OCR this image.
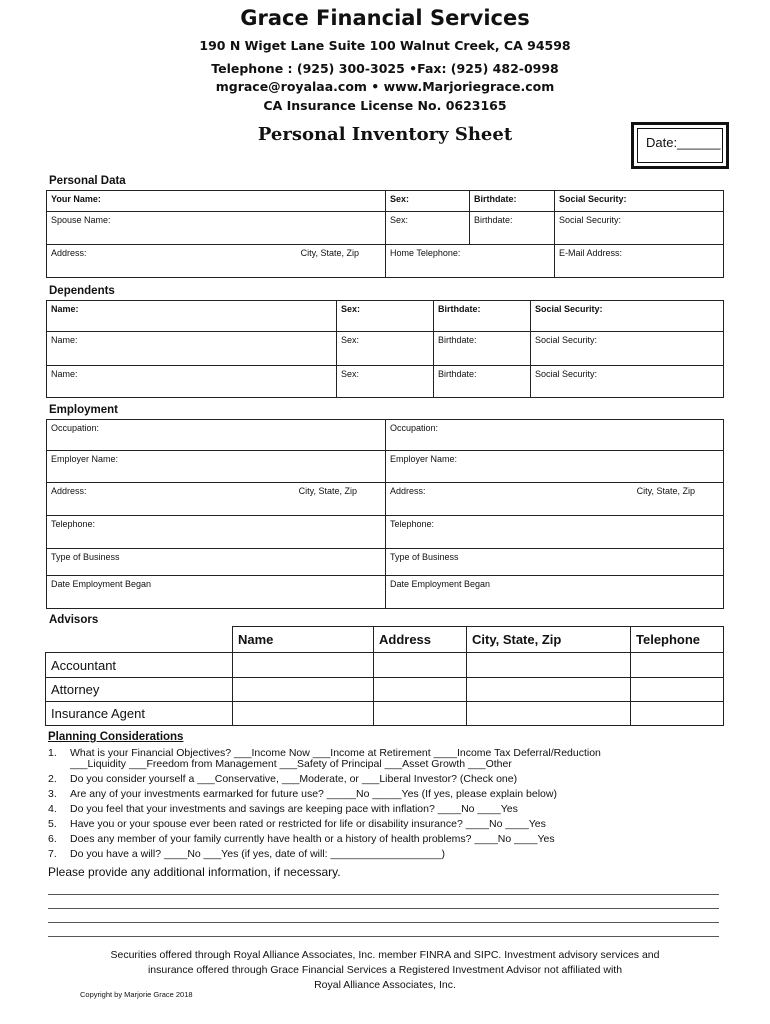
Grace Financial Services
190 N Wiget Lane Suite 100 Walnut Creek, CA 94598
Telephone : (925) 300-3025 •Fax: (925) 482-0998
mgrace@royalaa.com • www.Marjoriegrace.com
CA Insurance License No. 0623165
Personal Inventory Sheet	Date:______
Personal Data
Your Name:	Sex:	Birthdate:	Social Security:
Spouse Name:	Sex:	Birthdate:	Social Security:

Address: City, State, Zip	Home Telephone:		E-Mail Address:
Dependents
Name:	Sex:	Birthdate:	Social Security:
Name:	Sex:	Birthdate:	Social Security:
Name:	Sex:	Birthdate:	Social Security:
Employment
Occupation:	Occupation:
Employer Name:	Employer Name:

Address: City, State, Zip	Address: City, State, Zip

Telephone:	Telephone:
Type of Business	Type of Business
Date Employment Began	Date Employment Began
Advisors
	Name	Address	City, State, Zip	Telephone
Accountant				
Attorney				
Insurance Agent				
Planning Considerations
1.	What is your Financial Objectives? ___Income Now ___Income at Retirement ____Income Tax Deferral/Reduction
___Liquidity ___Freedom from Management ___Safety of Principal ___Asset Growth ___Other
2.	Do you consider yourself a ___Conservative, ___Moderate, or ___Liberal Investor? (Check one)
3.	Are any of your investments earmarked for future use? _____No _____Yes (If yes, please explain below)
4.	Do you feel that your investments and savings are keeping pace with inflation? ____No ____Yes
5.	Have you or your spouse ever been rated or restricted for life or disability insurance? ____No ____Yes
6.	Does any member of your family currently have health or a history of health problems? ____No ____Yes
7.	Do you have a will? ____No ___Yes (if yes, date of will: ___________________)
Please provide any additional information, if necessary.
Securities offered through Royal Alliance Associates, Inc. member FINRA and SIPC. Investment advisory services and
insurance offered through Grace Financial Services a Registered Investment Advisor not affiliated with
Royal Alliance Associates, Inc.
Copyright by Marjorie Grace 2018
